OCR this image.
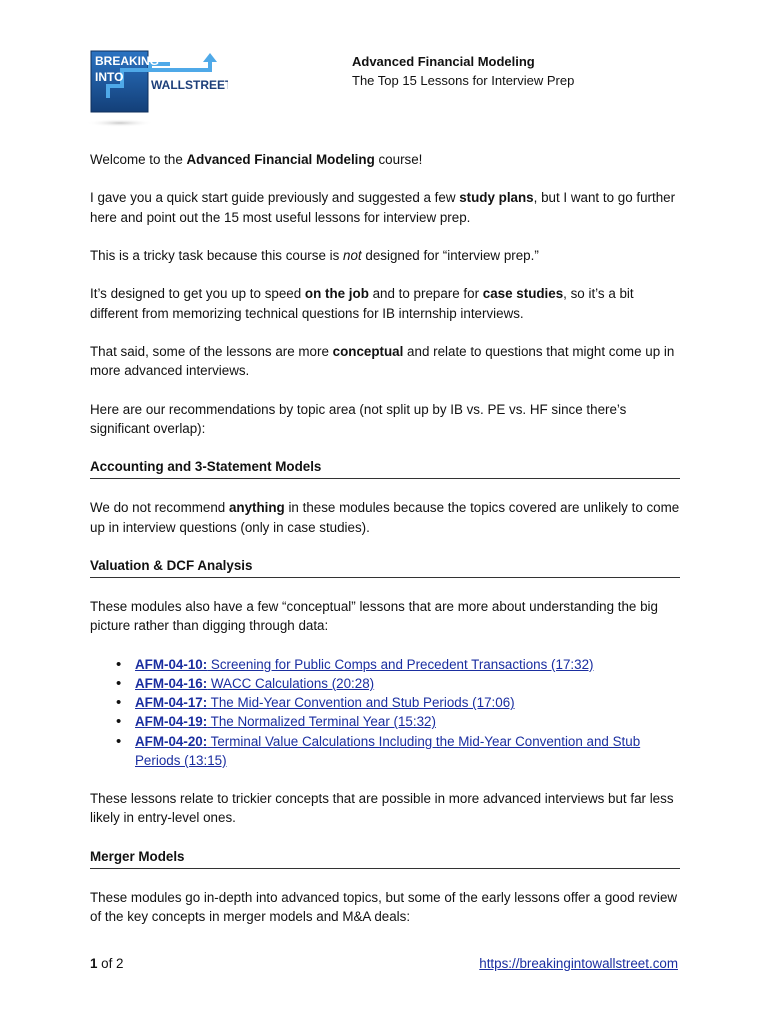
BREAKING
INTO
WALLSTREET
Advanced Financial Modeling
The Top 15 Lessons for Interview Prep

Welcome to the Advanced Financial Modeling course!

I gave you a quick start guide previously and suggested a few study plans, but I want to go further here and point out the 15 most useful lessons for interview prep.

This is a tricky task because this course is not designed for “interview prep.”

It’s designed to get you up to speed on the job and to prepare for case studies, so it’s a bit different from memorizing technical questions for IB internship interviews.

That said, some of the lessons are more conceptual and relate to questions that might come up in more advanced interviews.

Here are our recommendations by topic area (not split up by IB vs. PE vs. HF since there’s significant overlap):

Accounting and 3-Statement Models

We do not recommend anything in these modules because the topics covered are unlikely to come up in interview questions (only in case studies).

Valuation & DCF Analysis

These modules also have a few “conceptual” lessons that are more about understanding the big picture rather than digging through data:

• AFM-04-10: Screening for Public Comps and Precedent Transactions (17:32)
• AFM-04-16: WACC Calculations (20:28)
• AFM-04-17: The Mid-Year Convention and Stub Periods (17:06)
• AFM-04-19: The Normalized Terminal Year (15:32)
• AFM-04-20: Terminal Value Calculations Including the Mid-Year Convention and Stub Periods (13:15)

These lessons relate to trickier concepts that are possible in more advanced interviews but far less likely in entry-level ones.

Merger Models

These modules go in-depth into advanced topics, but some of the early lessons offer a good review of the key concepts in merger models and M&A deals:

1 of 2	https://breakingintowallstreet.com
